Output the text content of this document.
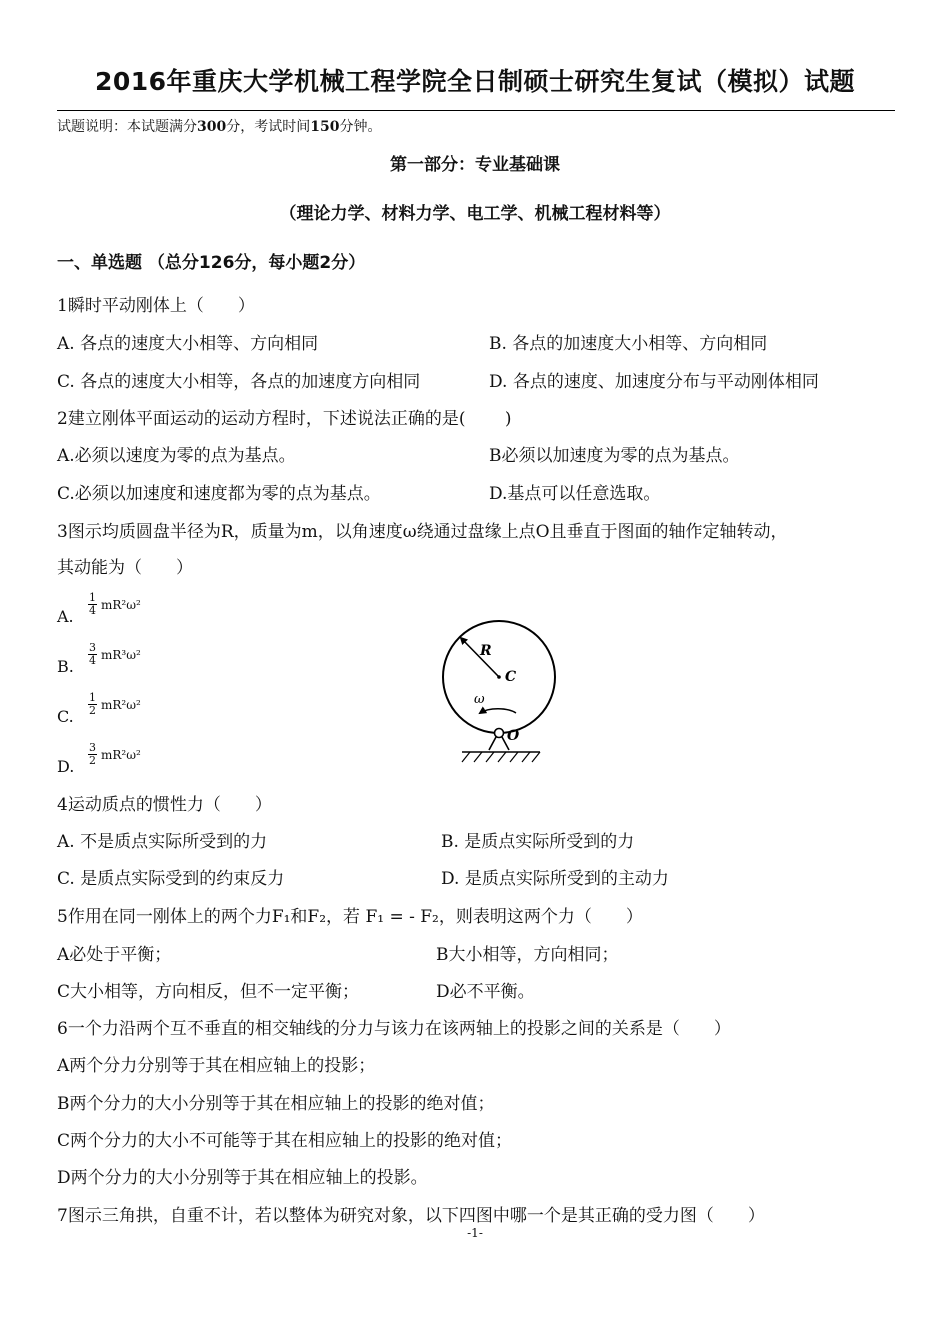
2016年重庆大学机械工程学院全日制硕士研究生复试（模拟）试题
试题说明：本试题满分300分，考试时间150分钟。
第一部分：专业基础课
（理论力学、材料力学、电工学、机械工程材料等）
一、单选题 （总分126分，每小题2分）
1瞬时平动刚体上（　　）
A. 各点的速度大小相等、方向相同	B. 各点的加速度大小相等、方向相同
C. 各点的速度大小相等，各点的加速度方向相同	D. 各点的速度、加速度分布与平动刚体相同
2建立刚体平面运动的运动方程时，下述说法正确的是(　　 )
A.必须以速度为零的点为基点。	B必须以加速度为零的点为基点。
C.必须以加速度和速度都为零的点为基点。	D.基点可以任意选取。
3图示均质圆盘半径为R，质量为m，以角速度ω绕通过盘缘上点O且垂直于图面的轴作定轴转动，
其动能为（　　）
A. $\frac{1}{4} mR^2\omega^2$
B. $\frac{3}{4} mR^3\omega^2$
C. $\frac{1}{2} mR^2\omega^2$
D. $\frac{3}{2} mR^2\omega^2$
R
C
ω
O
4运动质点的惯性力（　　）
A. 不是质点实际所受到的力	B. 是质点实际所受到的力
C. 是质点实际受到的约束反力	D. 是质点实际所受到的主动力
5作用在同一刚体上的两个力F₁和F₂，若 F₁ = - F₂，则表明这两个力（　　）
A必处于平衡；	B大小相等，方向相同；
C大小相等，方向相反，但不一定平衡；	D必不平衡。
6一个力沿两个互不垂直的相交轴线的分力与该力在该两轴上的投影之间的关系是（　　）
A两个分力分别等于其在相应轴上的投影；
B两个分力的大小分别等于其在相应轴上的投影的绝对值；
C两个分力的大小不可能等于其在相应轴上的投影的绝对值；
D两个分力的大小分别等于其在相应轴上的投影。
7图示三角拱，自重不计，若以整体为研究对象，以下四图中哪一个是其正确的受力图（　　）
-1-
